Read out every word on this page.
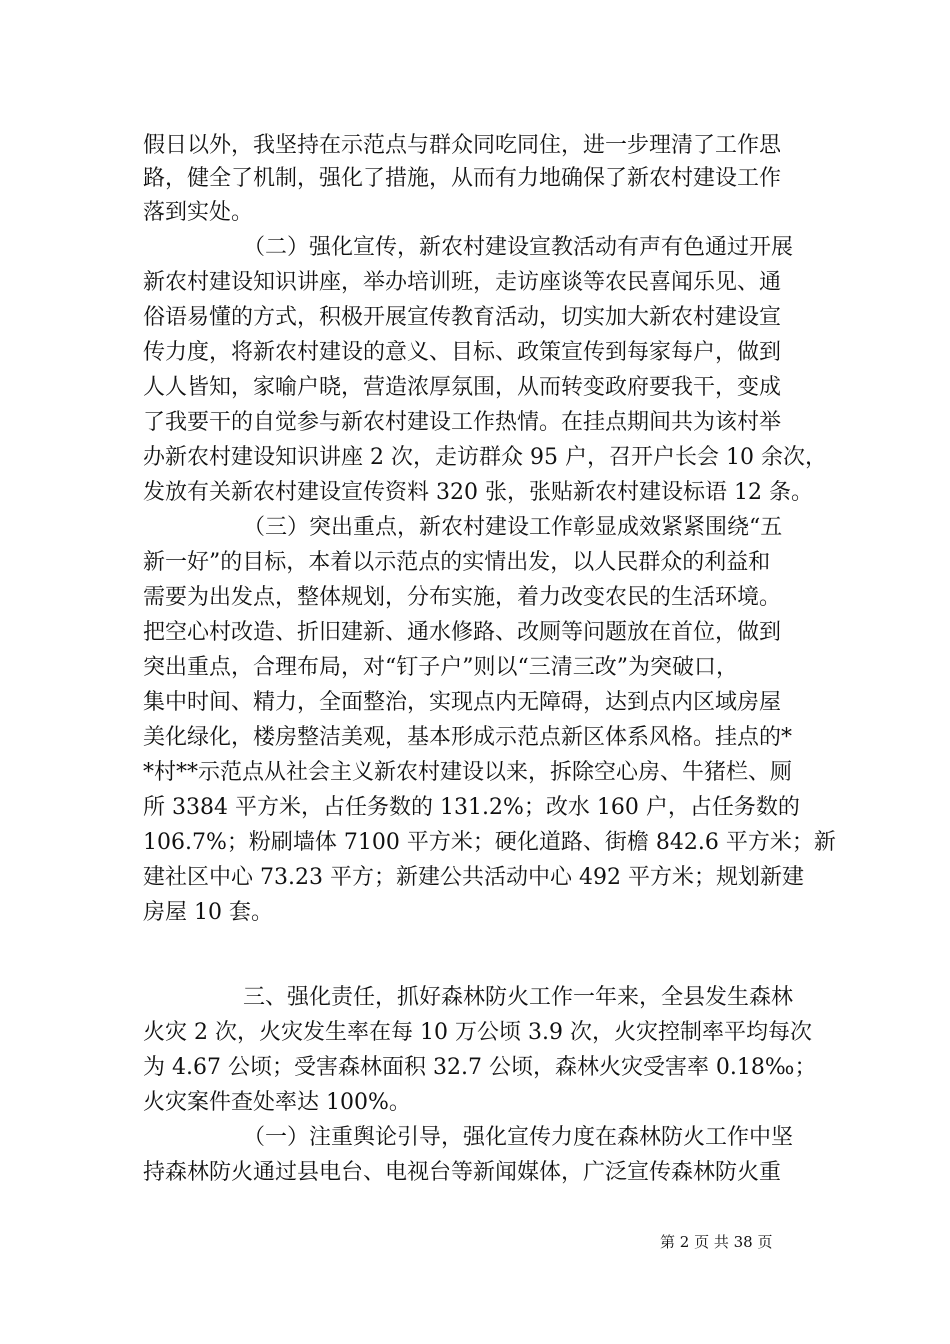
假日以外，我坚持在示范点与群众同吃同住，进一步理清了工作思
路，健全了机制，强化了措施，从而有力地确保了新农村建设工作
落到实处。
（二）强化宣传，新农村建设宣教活动有声有色通过开展
新农村建设知识讲座，举办培训班，走访座谈等农民喜闻乐见、通
俗语易懂的方式，积极开展宣传教育活动，切实加大新农村建设宣
传力度，将新农村建设的意义、目标、政策宣传到每家每户，做到
人人皆知，家喻户晓，营造浓厚氛围，从而转变政府要我干，变成
了我要干的自觉参与新农村建设工作热情。在挂点期间共为该村举
办新农村建设知识讲座 2 次，走访群众 95 户，召开户长会 10 余次，
发放有关新农村建设宣传资料 320 张，张贴新农村建设标语 12 条。
（三）突出重点，新农村建设工作彰显成效紧紧围绕“五
新一好”的目标，本着以示范点的实情出发，以人民群众的利益和
需要为出发点，整体规划，分布实施，着力改变农民的生活环境。
把空心村改造、折旧建新、通水修路、改厕等问题放在首位，做到
突出重点，合理布局，对“钉子户”则以“三清三改”为突破口，
集中时间、精力，全面整治，实现点内无障碍，达到点内区域房屋
美化绿化，楼房整洁美观，基本形成示范点新区体系风格。挂点的*
*村**示范点从社会主义新农村建设以来，拆除空心房、牛猪栏、厕
所 3384 平方米，占任务数的 131.2%；改水 160 户，占任务数的
106.7%；粉刷墙体 7100 平方米；硬化道路、街檐 842.6 平方米；新
建社区中心 73.23 平方；新建公共活动中心 492 平方米；规划新建
房屋 10 套。
三、强化责任，抓好森林防火工作一年来，全县发生森林
火灾 2 次，火灾发生率在每 10 万公顷 3.9 次，火灾控制率平均每次
为 4.67 公顷；受害森林面积 32.7 公顷，森林火灾受害率 0.18‰；
火灾案件查处率达 100%。
（一）注重舆论引导，强化宣传力度在森林防火工作中坚
持森林防火通过县电台、电视台等新闻媒体，广泛宣传森林防火重
第 2 页 共 38 页
